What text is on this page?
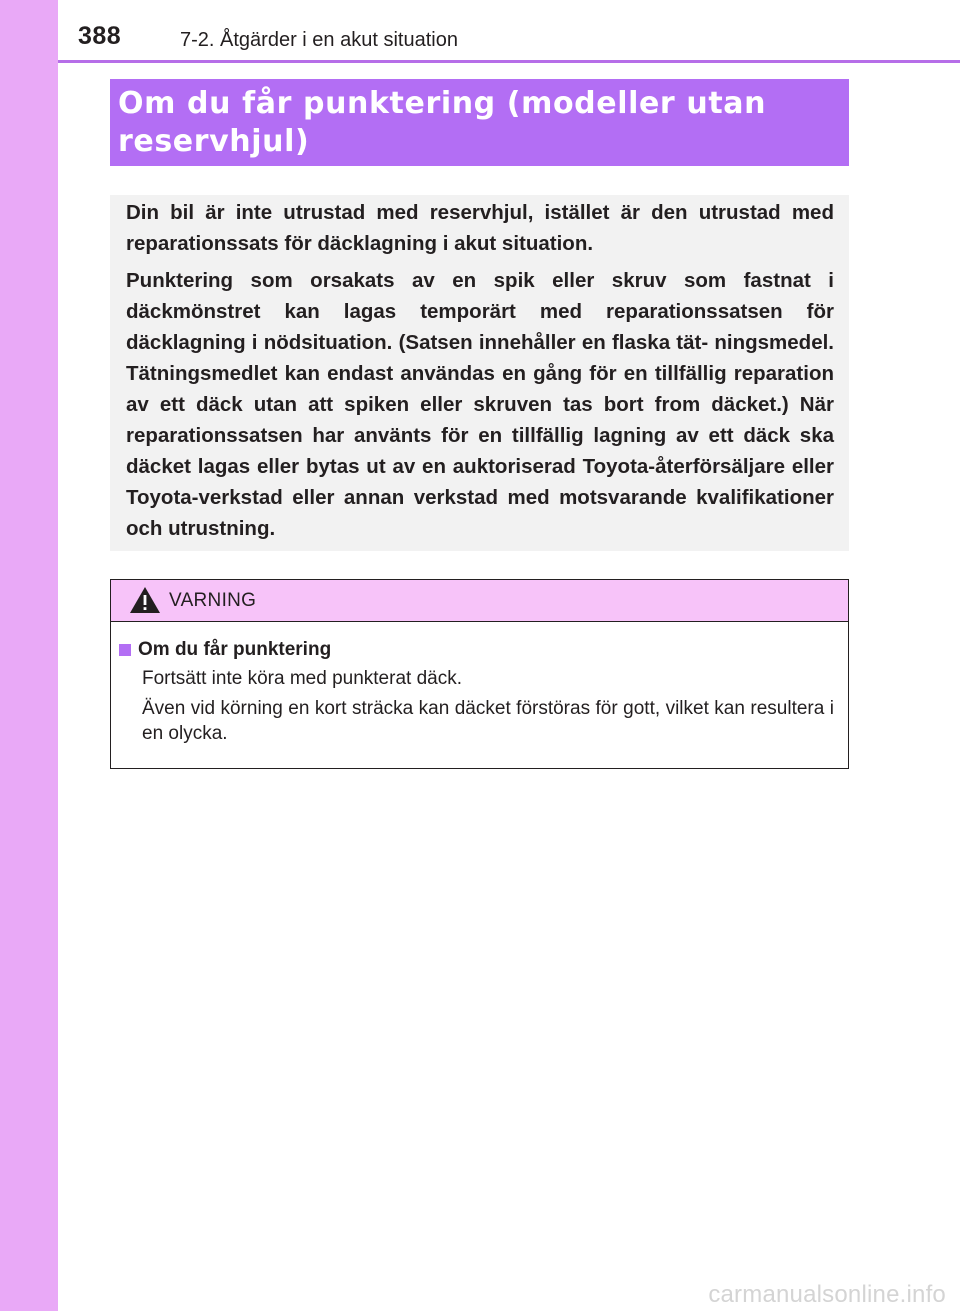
388	7-2. Åtgärder i en akut situation
Om du får punktering (modeller utan reservhjul)

Din bil är inte utrustad med reservhjul, istället är den utrustad med reparationssats för däcklagning i akut situation.

Punktering som orsakats av en spik eller skruv som fastnat i däckmönstret kan lagas temporärt med reparationssatsen för däcklagning i nödsituation. (Satsen innehåller en flaska tät- ningsmedel. Tätningsmedlet kan endast användas en gång för en tillfällig reparation av ett däck utan att spiken eller skruven tas bort from däcket.) När reparationssatsen har använts för en tillfällig lagning av ett däck ska däcket lagas eller bytas ut av en auktoriserad Toyota-återförsäljare eller Toyota-verkstad eller annan verkstad med motsvarande kvalifikationer och utrustning.

VARNING
Om du får punktering

Fortsätt inte köra med punkterat däck.

Även vid körning en kort sträcka kan däcket förstöras för gott, vilket kan resultera i en olycka.

carmanualsonline.info
